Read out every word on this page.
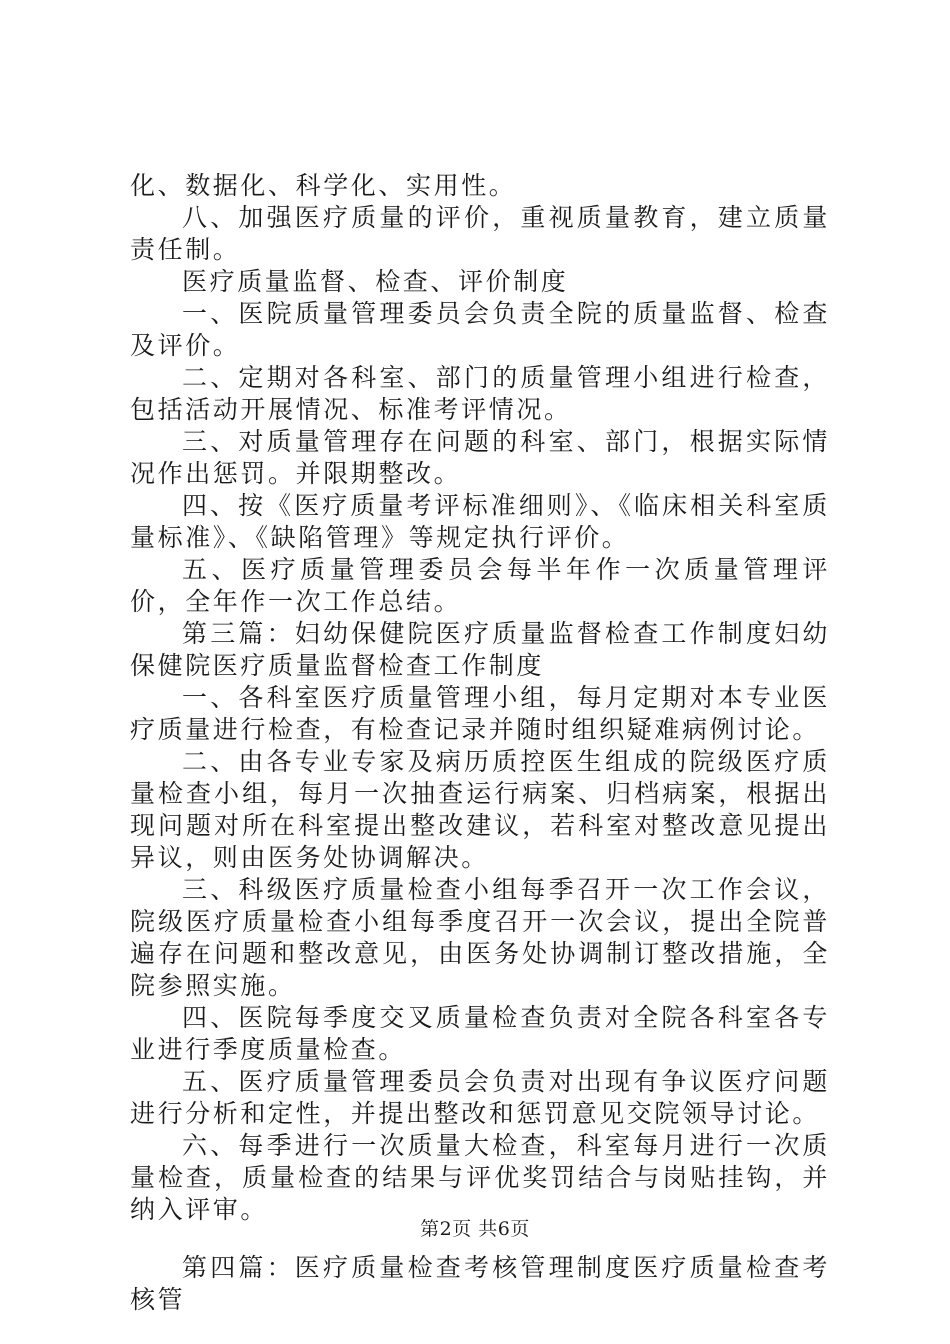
化、数据化、科学化、实用性。

八、加强医疗质量的评价，重视质量教育，建立质量责任制。

医疗质量监督、检查、评价制度

一、医院质量管理委员会负责全院的质量监督、检查及评价。

二、定期对各科室、部门的质量管理小组进行检查，包括活动开展情况、标准考评情况。

三、对质量管理存在问题的科室、部门，根据实际情况作出惩罚。并限期整改。

四、按《医疗质量考评标准细则》、《临床相关科室质量标准》、《缺陷管理》等规定执行评价。

五、医疗质量管理委员会每半年作一次质量管理评价，全年作一次工作总结。

第三篇：妇幼保健院医疗质量监督检查工作制度妇幼保健院医疗质量监督检查工作制度

一、各科室医疗质量管理小组，每月定期对本专业医疗质量进行检查，有检查记录并随时组织疑难病例讨论。

二、由各专业专家及病历质控医生组成的院级医疗质量检查小组，每月一次抽查运行病案、归档病案，根据出现问题对所在科室提出整改建议，若科室对整改意见提出异议，则由医务处协调解决。

三、科级医疗质量检查小组每季召开一次工作会议，院级医疗质量检查小组每季度召开一次会议，提出全院普遍存在问题和整改意见，由医务处协调制订整改措施，全院参照实施。

四、医院每季度交叉质量检查负责对全院各科室各专业进行季度质量检查。

五、医疗质量管理委员会负责对出现有争议医疗问题进行分析和定性，并提出整改和惩罚意见交院领导讨论。

六、每季进行一次质量大检查，科室每月进行一次质量检查，质量检查的结果与评优奖罚结合与岗贴挂钩，并纳入评审。

第四篇：医疗质量检查考核管理制度医疗质量检查考核管

第2页 共6页
